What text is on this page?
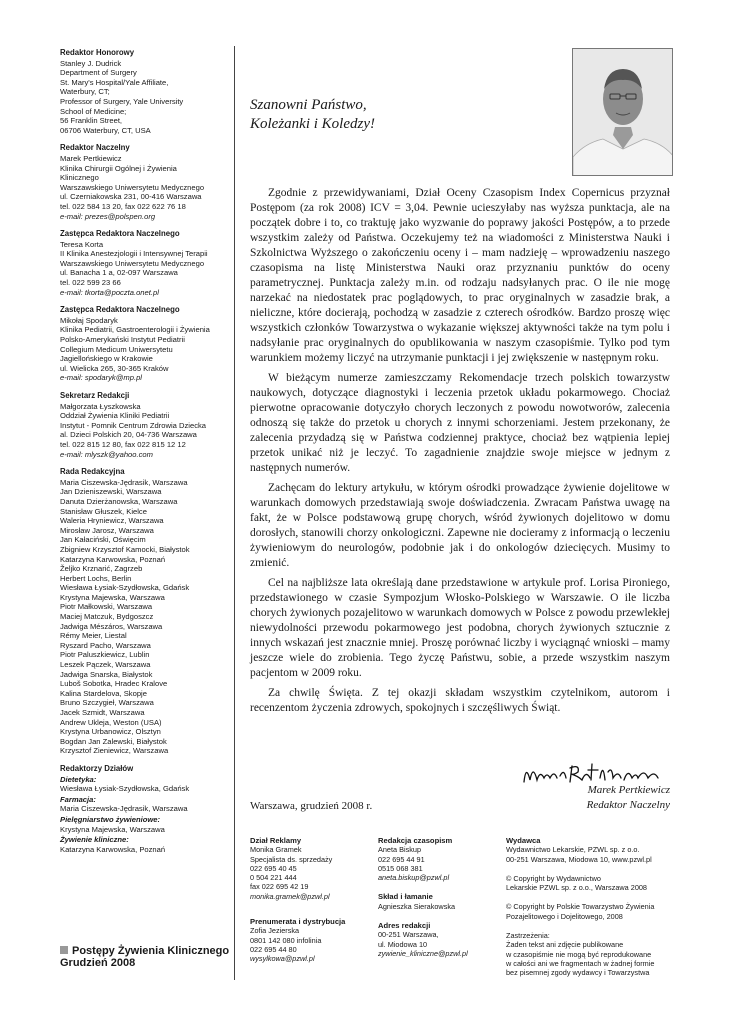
Redaktor Honorowy
Stanley J. Dudrick
Department of Surgery
St. Mary's Hospital/Yale Affiliate,
Waterbury, CT;
Professor of Surgery, Yale University
School of Medicine;
56 Franklin Street,
06706 Waterbury, CT, USA
Redaktor Naczelny
Marek Pertkiewicz
Klinika Chirurgii Ogólnej i Żywienia
Klinicznego
Warszawskiego Uniwersytetu Medycznego
ul. Czerniakowska 231, 00-416 Warszawa
tel. 022 584 13 20, fax 022 622 76 18
e-mail: prezes@polspen.org
Zastępca Redaktora Naczelnego
Teresa Korta
II Klinika Anestezjologii i Intensywnej Terapii
Warszawskiego Uniwersytetu Medycznego
ul. Banacha 1 a, 02-097 Warszawa
tel. 022 599 23 66
e-mail: tkorta@poczta.onet.pl
Zastępca Redaktora Naczelnego
Mikołaj Spodaryk
Klinika Pediatrii, Gastroenterologii i Żywienia
Polsko-Amerykański Instytut Pediatrii
Collegium Medicum Uniwersytetu
Jagiellońskiego w Krakowie
ul. Wielicka 265, 30-365 Kraków
e-mail: spodaryk@mp.pl
Sekretarz Redakcji
Małgorzata Łyszkowska
Oddział Żywienia Kliniki Pediatrii
Instytut - Pomnik Centrum Zdrowia Dziecka
al. Dzieci Polskich 20, 04-736 Warszawa
tel. 022 815 12 80, fax 022 815 12 12
e-mail: mlyszk@yahoo.com
Rada Redakcyjna
Maria Ciszewska-Jędrasik, Warszawa
Jan Dzieniszewski, Warszawa
Danuta Dzierżanowska, Warszawa
Stanisław Głuszek, Kielce
Waleria Hryniewicz, Warszawa
Mirosław Jarosz, Warszawa
Jan Kałaciński, Oświęcim
Zbigniew Krzysztof Kamocki, Białystok
Katarzyna Karwowska, Poznań
Željko Krznarić, Zagrzeb
Herbert Lochs, Berlin
Wiesława Łysiak-Szydłowska, Gdańsk
Krystyna Majewska, Warszawa
Piotr Małkowski, Warszawa
Maciej Matczuk, Bydgoszcz
Jadwiga Mészáros, Warszawa
Rémy Meier, Liestal
Ryszard Pacho, Warszawa
Piotr Paluszkiewicz, Lublin
Leszek Pączek, Warszawa
Jadwiga Snarska, Białystok
Luboš Sobotka, Hradec Kralove
Kalina Stardelova, Skopje
Bruno Szczygieł, Warszawa
Jacek Szmidt, Warszawa
Andrew Ukleja, Weston (USA)
Krystyna Urbanowicz, Olsztyn
Bogdan Jan Zalewski, Białystok
Krzysztof Zieniewicz, Warszawa
Redaktorzy Działów
Dietetyka:
Wiesława Łysiak-Szydłowska, Gdańsk
Farmacja:
Maria Ciszewska-Jędrasik, Warszawa
Pielęgniarstwo żywieniowe:
Krystyna Majewska, Warszawa
Żywienie kliniczne:
Katarzyna Karwowska, Poznań
Postępy Żywienia Klinicznego
Grudzień 2008
Szanowni Państwo,
Koleżanki i Koledzy!

Zgodnie z przewidywaniami, Dział Oceny Czasopism Index Copernicus przyznał Postępom (za rok 2008) ICV = 3,04. Pewnie ucieszyłaby nas wyższa punktacja, ale na początek dobre i to, co traktuję jako wyzwanie do poprawy jakości Postępów, a to przede wszystkim zależy od Państwa. Oczekujemy też na wiadomości z Ministerstwa Nauki i Szkolnictwa Wyższego o zakończeniu oceny i – mam nadzieję – wprowadzeniu naszego czasopisma na listę Ministerstwa Nauki oraz przyznaniu punktów do oceny parametrycznej. Punktacja zależy m.in. od rodzaju nadsyłanych prac. O ile nie mogę narzekać na niedostatek prac poglądowych, to prac oryginalnych w zasadzie brak, a nieliczne, które docierają, pochodzą w zasadzie z czterech ośrodków. Bardzo proszę więc wszystkich członków Towarzystwa o wykazanie większej aktywności także na tym polu i nadsyłanie prac oryginalnych do opublikowania w naszym czasopiśmie. Tylko pod tym warunkiem możemy liczyć na utrzymanie punktacji i jej zwiększenie w następnym roku.

W bieżącym numerze zamieszczamy Rekomendacje trzech polskich towarzystw naukowych, dotyczące diagnostyki i leczenia przetok układu pokarmowego. Chociaż pierwotne opracowanie dotyczyło chorych leczonych z powodu nowotworów, zalecenia odnoszą się także do przetok u chorych z innymi schorzeniami. Jestem przekonany, że zalecenia przydadzą się w Państwa codziennej praktyce, chociaż bez wątpienia lepiej przetok unikać niż je leczyć. To zagadnienie znajdzie swoje miejsce w jednym z następnych numerów.

Zachęcam do lektury artykułu, w którym ośrodki prowadzące żywienie dojelitowe w warunkach domowych przedstawiają swoje doświadczenia. Zwracam Państwa uwagę na fakt, że w Polsce podstawową grupę chorych, wśród żywionych dojelitowo w domu dorosłych, stanowili chorzy onkologiczni. Zapewne nie docieramy z informacją o leczeniu żywieniowym do neurologów, podobnie jak i do onkologów dziecięcych. Musimy to zmienić.

Cel na najbliższe lata określają dane przedstawione w artykule prof. Lorisa Pironiego, przedstawionego w czasie Sympozjum Włosko-Polskiego w Warszawie. O ile liczba chorych żywionych pozajelitowo w warunkach domowych w Polsce z powodu przewlekłej niewydolności przewodu pokarmowego jest podobna, chorych żywionych sztucznie z innych wskazań jest znacznie mniej. Proszę porównać liczby i wyciągnąć wnioski – mamy jeszcze wiele do zrobienia. Tego życzę Państwu, sobie, a przede wszystkim naszym pacjentom w 2009 roku.

Za chwilę Święta. Z tej okazji składam wszystkim czytelnikom, autorom i recenzentom życzenia zdrowych, spokojnych i szczęśliwych Świąt.

Marek Pertkiewicz
Redaktor Naczelny
Warszawa, grudzień 2008 r.
Dział Reklamy
Monika Gramek
Specjalista ds. sprzedaży
022 695 40 45
0 504 221 444
fax 022 695 42 19
monika.gramek@pzwl.pl
Prenumerata i dystrybucja
Zofia Jezierska
0801 142 080 infolinia
022 695 44 80
wysylkowa@pzwl.pl
Redakcja czasopism
Aneta Biskup
022 695 44 91
0515 068 381
aneta.biskup@pzwl.pl
Skład i łamanie
Agnieszka Sierakowska
Adres redakcji
00-251 Warszawa,
ul. Miodowa 10
zywienie_kliniczne@pzwl.pl
Wydawca
Wydawnictwo Lekarskie, PZWL sp. z o.o.
00-251 Warszawa, Miodowa 10, www.pzwl.pl
© Copyright by Wydawnictwo
Lekarskie PZWL sp. z o.o., Warszawa 2008
© Copyright by Polskie Towarzystwo Żywienia
Pozajelitowego i Dojelitowego, 2008
Zastrzeżenia:
Żaden tekst ani zdjęcie publikowane
w czasopiśmie nie mogą być reprodukowane
w całości ani we fragmentach w żadnej formie
bez pisemnej zgody wydawcy i Towarzystwa
